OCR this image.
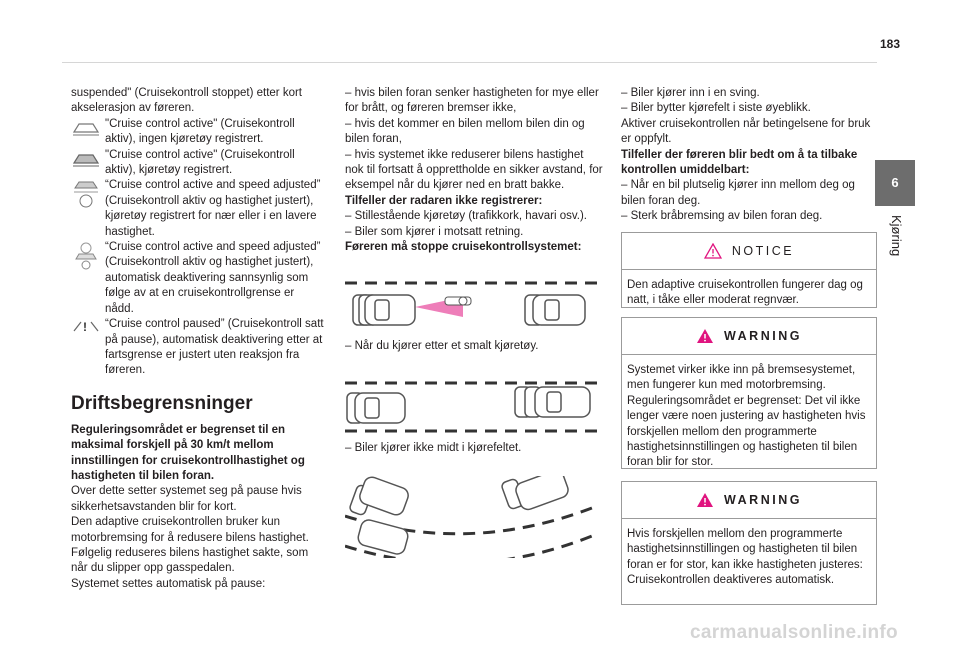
183
6
Kjøring

suspended" (Cruisekontroll stoppet) etter kort akselerasjon av føreren.

"Cruise control active" (Cruisekontroll aktiv), ingen kjøretøy registrert.
"Cruise control active" (Cruisekontroll aktiv), kjøretøy registrert.
“Cruise control active and speed adjusted” (Cruisekontroll aktiv og hastighet justert), kjøretøy registrert for nær eller i en lavere hastighet.
“Cruise control active and speed adjusted” (Cruisekontroll aktiv og hastighet justert), automatisk deaktivering sannsynlig som følge av at en cruisekontrollgrense er nådd.
! “Cruise control paused” (Cruisekontroll satt på pause), automatisk deaktivering etter at fartsgrense er justert uten reaksjon fra føreren.

Driftsbegrensninger

Reguleringsområdet er begrenset til en maksimal forskjell på 30 km/t mellom innstillingen for cruisekontrollhastighet og hastigheten til bilen foran.

Over dette setter systemet seg på pause hvis sikkerhetsavstanden blir for kort.

Den adaptive cruisekontrollen bruker kun motorbremsing for å redusere bilens hastighet.

Følgelig reduseres bilens hastighet sakte, som når du slipper opp gasspedalen.

Systemet settes automatisk på pause:

– hvis bilen foran senker hastigheten for mye eller for brått, og føreren bremser ikke,

– hvis det kommer en bilen mellom bilen din og bilen foran,

– hvis systemet ikke reduserer bilens hastighet nok til fortsatt å opprettholde en sikker avstand, for eksempel når du kjører ned en bratt bakke.

Tilfeller der radaren ikke registrerer:

– Stillestående kjøretøy (trafikkork, havari osv.).

– Biler som kjører i motsatt retning.

Føreren må stoppe cruisekontrollsystemet:

– Når du kjører etter et smalt kjøretøy.

– Biler kjører ikke midt i kjørefeltet.

– Biler kjører inn i en sving.

– Biler bytter kjørefelt i siste øyeblikk.

Aktiver cruisekontrollen når betingelsene for bruk er oppfylt.

Tilfeller der føreren blir bedt om å ta tilbake kontrollen umiddelbart:

– Når en bil plutselig kjører inn mellom deg og bilen foran deg.

– Sterk bråbremsing av bilen foran deg.

NOTICE
Den adaptive cruisekontrollen fungerer dag og natt, i tåke eller moderat regnvær.
WARNING
Systemet virker ikke inn på bremsesystemet, men fungerer kun med motorbremsing. Reguleringsområdet er begrenset: Det vil ikke lenger være noen justering av hastigheten hvis forskjellen mellom den programmerte hastighetsinnstillingen og hastigheten til bilen foran blir for stor.
WARNING
Hvis forskjellen mellom den programmerte hastighetsinnstillingen og hastigheten til bilen foran er for stor, kan ikke hastigheten justeres: Cruisekontrollen deaktiveres automatisk.
carmanualsonline.info
